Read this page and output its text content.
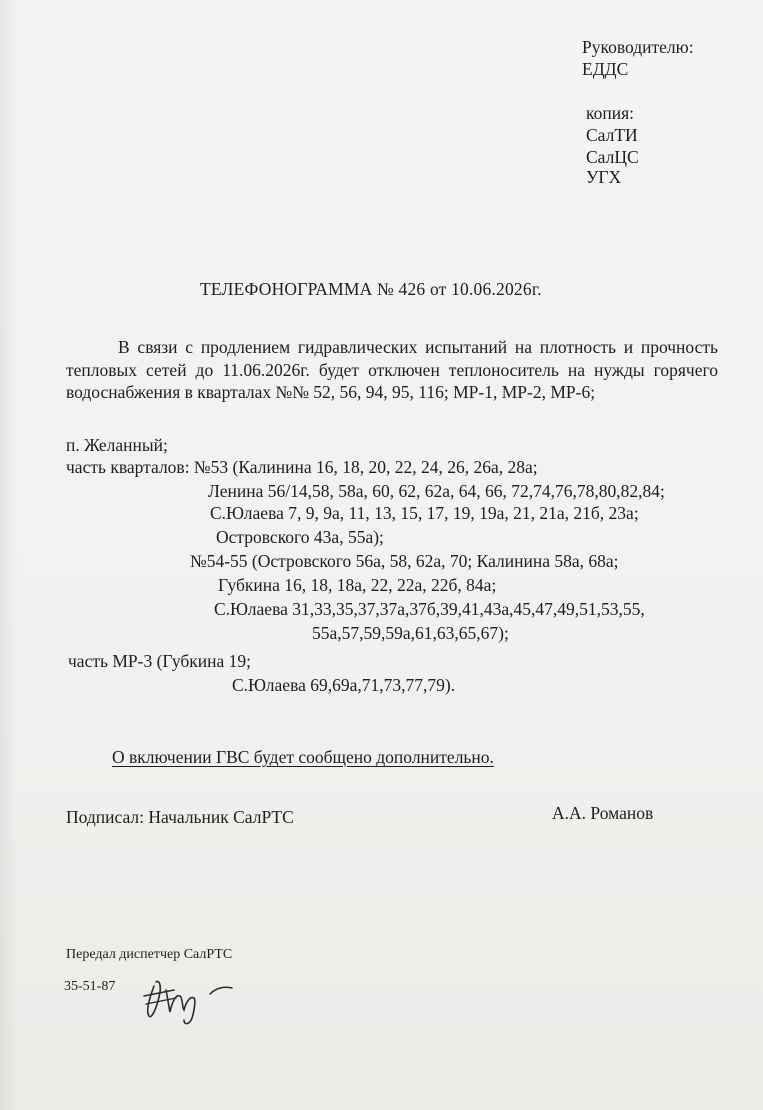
Руководителю:
ЕДДС
копия:
СалТИ
СалЦС
УГХ
ТЕЛЕФОНОГРАММА № 426 от 10.06.2026г.
В связи с продлением гидравлических испытаний на плотность и прочность тепловых сетей до 11.06.2026г. будет отключен теплоноситель на нужды горячего водоснабжения в кварталах №№ 52, 56, 94, 95, 116; МР-1, МР-2, МР-6;
п. Желанный;
часть кварталов: №53 (Калинина 16, 18, 20, 22, 24, 26, 26а, 28а;
Ленина 56/14,58, 58а, 60, 62, 62а, 64, 66, 72,74,76,78,80,82,84;
С.Юлаева 7, 9, 9а, 11, 13, 15, 17, 19, 19а, 21, 21а, 21б, 23а;
Островского 43а, 55а);
№54-55 (Островского 56а, 58, 62а, 70; Калинина 58а, 68а;
Губкина 16, 18, 18а, 22, 22а, 22б, 84а;
С.Юлаева 31,33,35,37,37а,37б,39,41,43а,45,47,49,51,53,55,
55а,57,59,59а,61,63,65,67);
часть МР-3 (Губкина 19;
С.Юлаева 69,69а,71,73,77,79).
О включении ГВС будет сообщено дополнительно.
Подписал: Начальник СалРТС	А.А. Романов
Передал диспетчер СалРТС
35-51-87
